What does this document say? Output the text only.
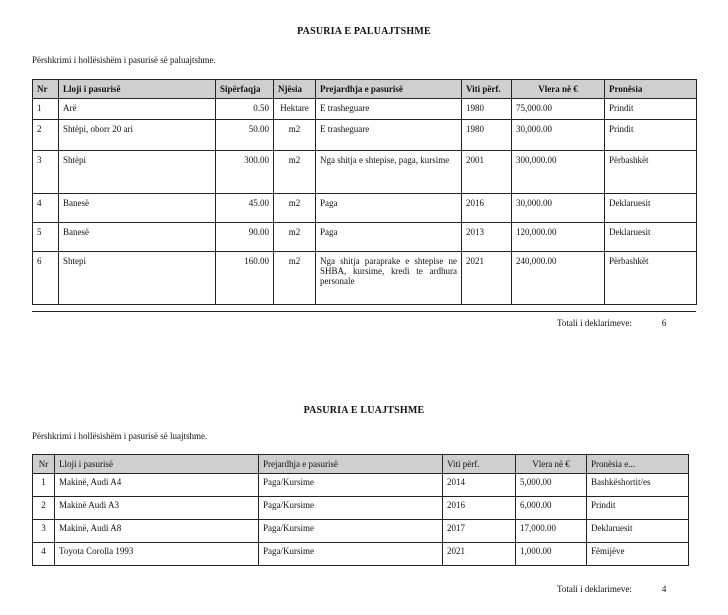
PASURIA E PALUAJTSHME
Përshkrimi i hollësishëm i pasurisë së paluajtshme.
Nr	Lloji i pasurisë	Sipërfaqja	Njësia	Prejardhja e pasurisë	Viti përf.	Vlera në €	Pronësia
1	Arë	0.50	Hektare	E trasheguare	1980	75,000.00	Prindit
2	Shtëpi, oborr 20 ari	50.00	m2	E trasheguare	1980	30,000.00	Prindit
3	Shtëpi	300.00	m2	Nga shitja e shtepise, paga, kursime	2001	300,000.00	Përbashkët
4	Banesë	45.00	m2	Paga	2016	30,000.00	Deklaruesit
5	Banesë	90.00	m2	Paga	2013	120,000.00	Deklaruesit
6	Shtepi	160.00	m2	Nga shitja paraprake e shtepise ne SHBA, kursime, kredi te ardhura personale	2021	240,000.00	Përbashkët
Totali i deklarimeve:	6
PASURIA E LUAJTSHME
Përshkrimi i hollësishëm i pasurisë së luajtshme.
Nr	Lloji i pasurisë	Prejardhja e pasurisë	Viti përf.	Vlera në €	Pronësia e...
1	Makinë, Audi A4	Paga/Kursime	2014	5,000.00	Bashkëshortit/es
2	Makinë Audi A3	Paga/Kursime	2016	6,000.00	Prindit
3	Makinë, Audi A8	Paga/Kursime	2017	17,000.00	Deklaruesit
4	Toyota Corolla 1993	Paga/Kursime	2021	1,000.00	Fëmijëve
Totali i deklarimeve:	4
